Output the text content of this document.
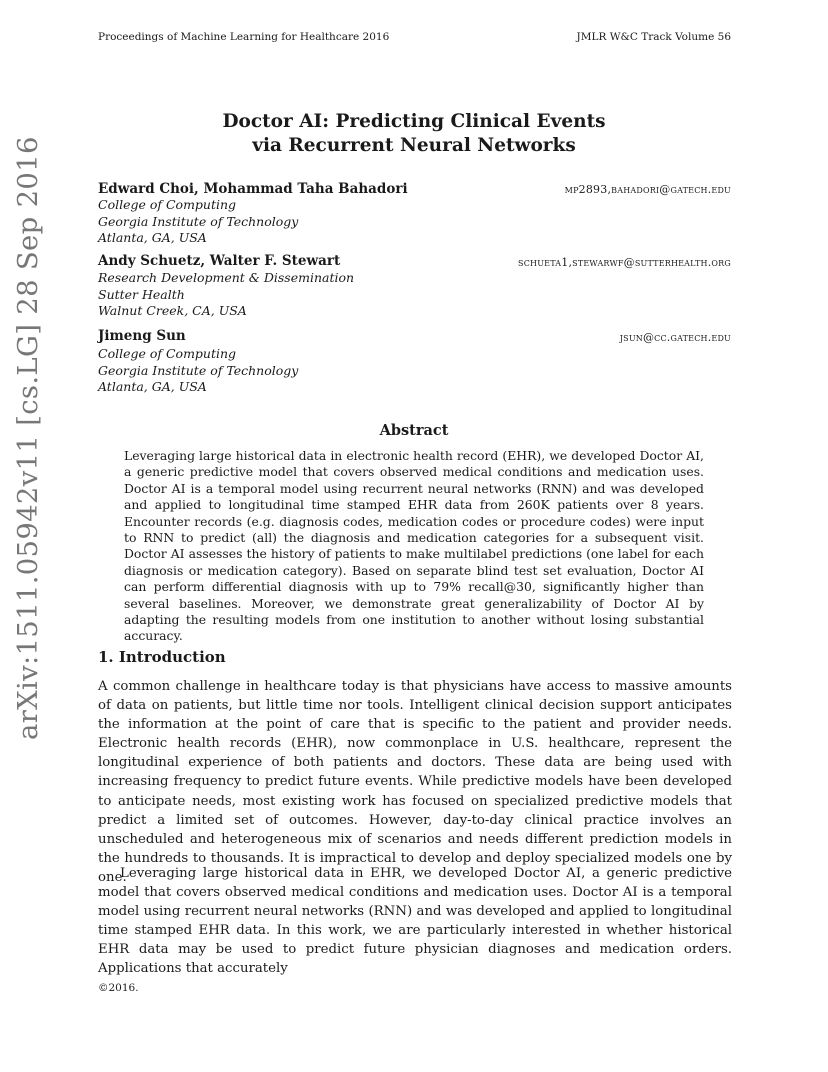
Proceedings of Machine Learning for Healthcare 2016	JMLR W&C Track Volume 56
arXiv:1511.05942v11 [cs.LG] 28 Sep 2016
Doctor AI: Predicting Clinical Events
via Recurrent Neural Networks
Edward Choi, Mohammad Taha Bahadori	mp2893,bahadori@gatech.edu
College of Computing
Georgia Institute of Technology
Atlanta, GA, USA
Andy Schuetz, Walter F. Stewart	schueta1,stewarwf@sutterhealth.org
Research Development & Dissemination
Sutter Health
Walnut Creek, CA, USA
Jimeng Sun	jsun@cc.gatech.edu
College of Computing
Georgia Institute of Technology
Atlanta, GA, USA
Abstract
Leveraging large historical data in electronic health record (EHR), we developed Doctor AI, a generic predictive model that covers observed medical conditions and medication uses. Doctor AI is a temporal model using recurrent neural networks (RNN) and was developed and applied to longitudinal time stamped EHR data from 260K patients over 8 years. Encounter records (e.g. diagnosis codes, medication codes or procedure codes) were input to RNN to predict (all) the diagnosis and medication categories for a subsequent visit. Doctor AI assesses the history of patients to make multilabel predictions (one label for each diagnosis or medication category). Based on separate blind test set evaluation, Doctor AI can perform differential diagnosis with up to 79% recall@30, significantly higher than several baselines. Moreover, we demonstrate great generalizability of Doctor AI by adapting the resulting models from one institution to another without losing substantial accuracy.
1. Introduction
A common challenge in healthcare today is that physicians have access to massive amounts of data on patients, but little time nor tools. Intelligent clinical decision support anticipates the information at the point of care that is specific to the patient and provider needs. Electronic health records (EHR), now commonplace in U.S. healthcare, represent the longitudinal experience of both patients and doctors. These data are being used with increasing frequency to predict future events. While predictive models have been developed to anticipate needs, most existing work has focused on specialized predictive models that predict a limited set of outcomes. However, day-to-day clinical practice involves an unscheduled and heterogeneous mix of scenarios and needs different prediction models in the hundreds to thousands. It is impractical to develop and deploy specialized models one by one.
Leveraging large historical data in EHR, we developed Doctor AI, a generic predictive model that covers observed medical conditions and medication uses. Doctor AI is a temporal model using recurrent neural networks (RNN) and was developed and applied to longitudinal time stamped EHR data. In this work, we are particularly interested in whether historical EHR data may be used to predict future physician diagnoses and medication orders. Applications that accurately
©2016.
